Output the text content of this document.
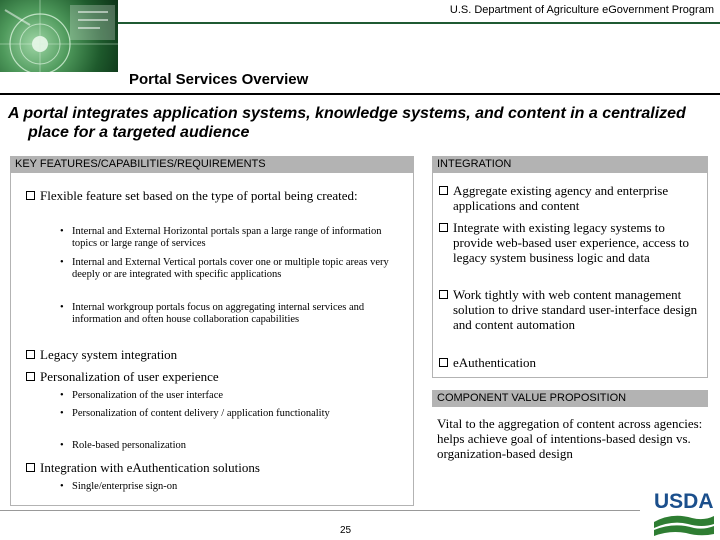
U.S. Department of Agriculture eGovernment Program
Portal Services Overview
A portal integrates application systems, knowledge systems, and content in a centralized place for a targeted audience
KEY FEATURES/CAPABILITIES/REQUIREMENTS	INTEGRATION
COMPONENT VALUE PROPOSITION
Flexible feature set based on the type of portal being created:
• Internal and External Horizontal portals span a large range of information topics or large range of services
• Internal and External Vertical portals cover one or multiple topic areas very deeply or are integrated with specific applications
• Internal workgroup portals focus on aggregating internal services and information and often house collaboration capabilities
Legacy system integration
Personalization of user experience
• Personalization of the user interface
• Personalization of content delivery / application functionality
• Role-based personalization
Integration with eAuthentication solutions
• Single/enterprise sign-on
Aggregate existing agency and enterprise applications and content
Integrate with existing legacy systems to provide web-based user experience, access to legacy system business logic and data
Work tightly with web content management solution to drive standard user-interface design and content automation
eAuthentication
Vital to the aggregation of content across agencies: helps achieve goal of intentions-based design vs. organization-based design
25
USDA
